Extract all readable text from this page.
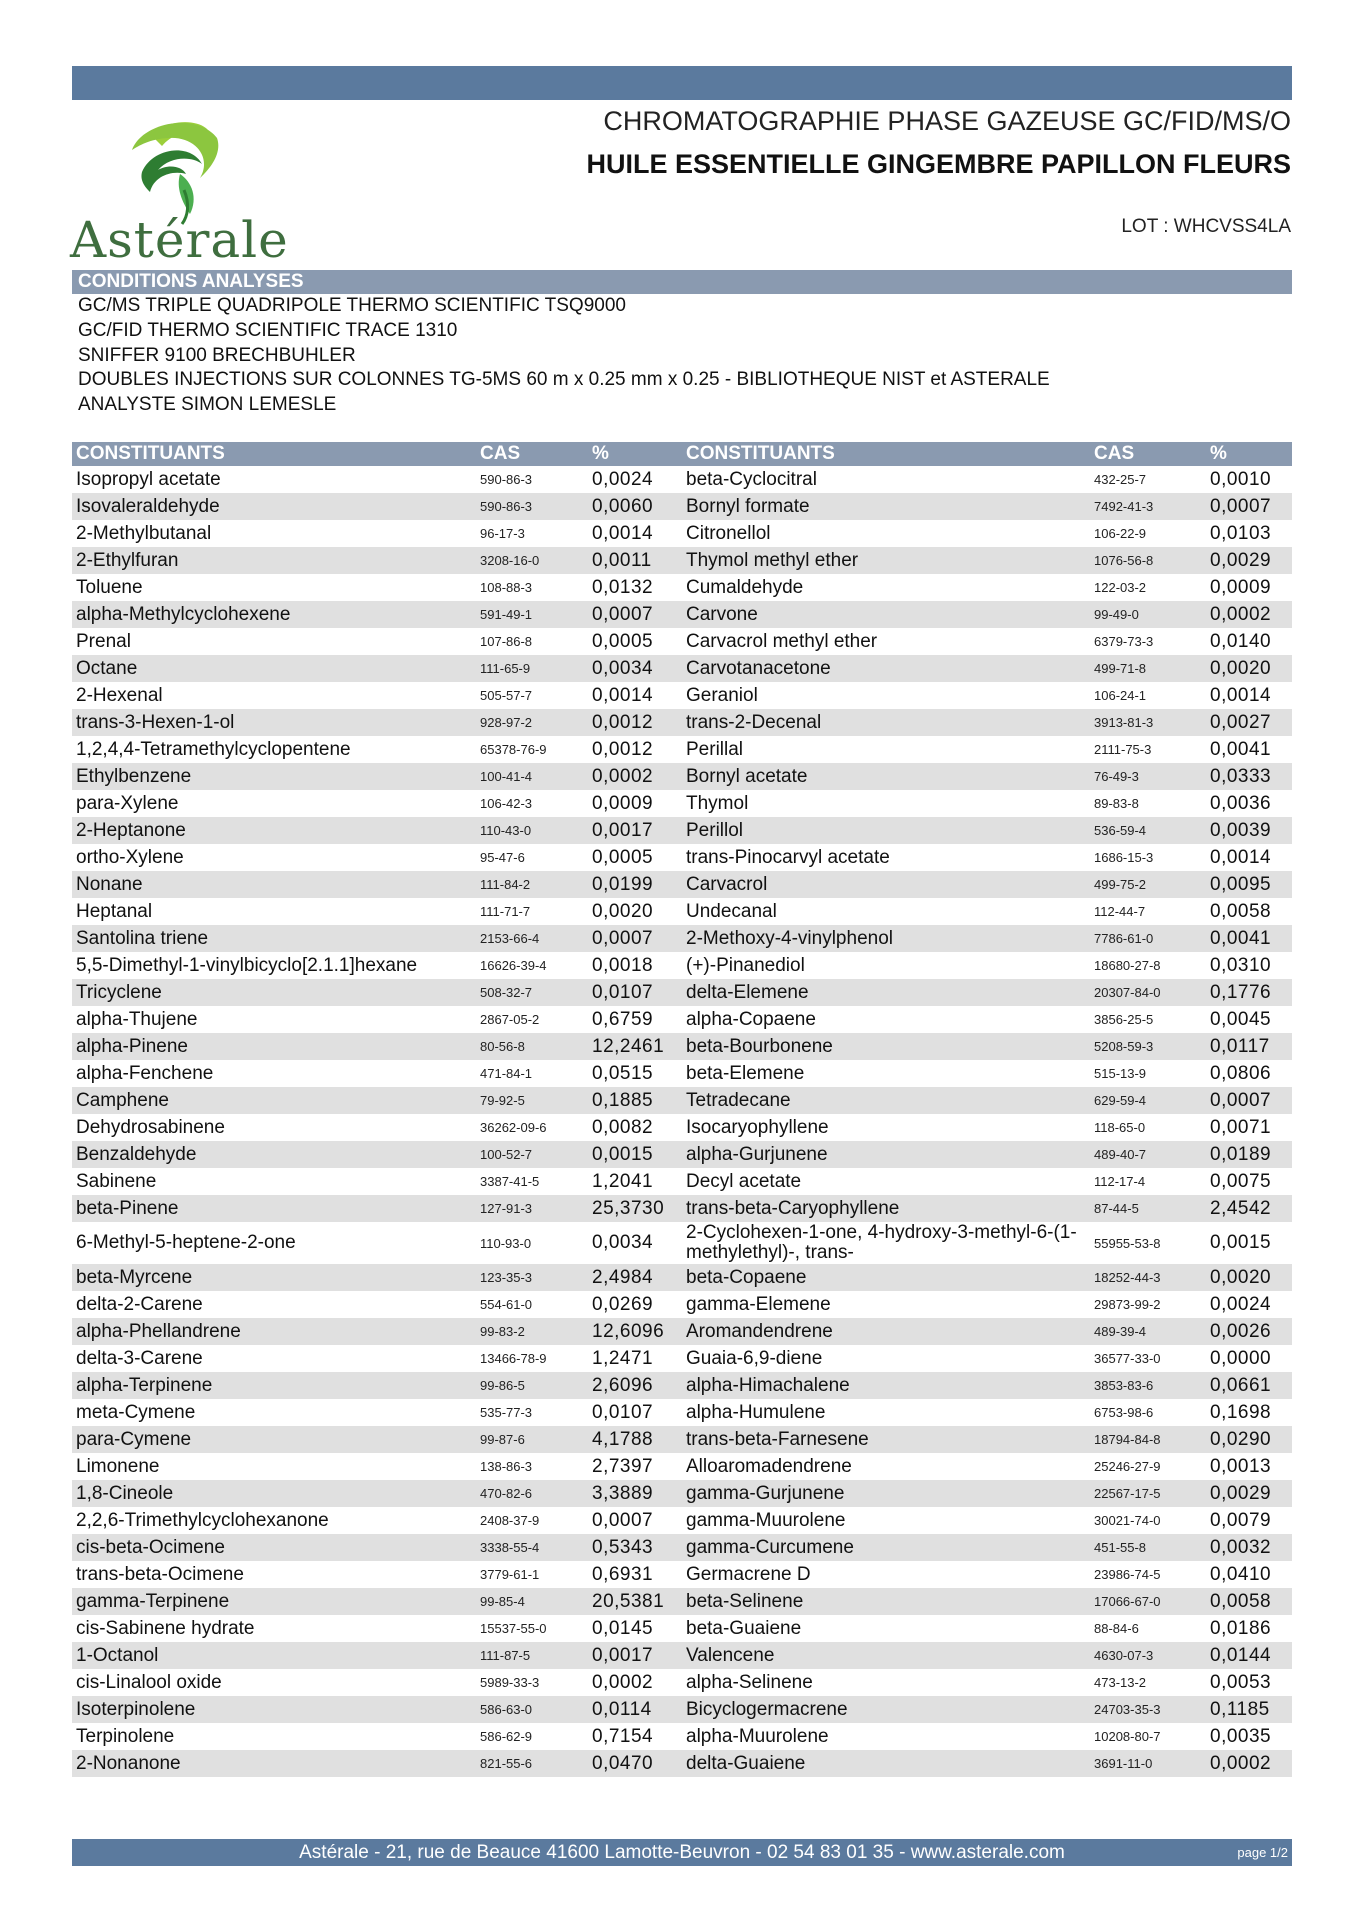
Astérale
CHROMATOGRAPHIE PHASE GAZEUSE GC/FID/MS/O
HUILE ESSENTIELLE GINGEMBRE PAPILLON FLEURS
LOT : WHCVSS4LA
CONDITIONS ANALYSES
GC/MS TRIPLE QUADRIPOLE THERMO SCIENTIFIC TSQ9000
GC/FID THERMO SCIENTIFIC TRACE 1310
SNIFFER 9100 BRECHBUHLER
DOUBLES INJECTIONS SUR COLONNES TG-5MS 60 m x 0.25 mm x 0.25 - BIBLIOTHEQUE NIST et ASTERALE
ANALYSTE SIMON LEMESLE
CONSTITUANTS	CAS	%	CONSTITUANTS	CAS	%
Isopropyl acetate	590-86-3	0,0024 beta-Cyclocitral	432-25-7	0,0010
Isovaleraldehyde	590-86-3	0,0060 Bornyl formate	7492-41-3	0,0007
2-Methylbutanal	96-17-3	0,0014 Citronellol	106-22-9	0,0103
2-Ethylfuran	3208-16-0	0,0011 Thymol methyl ether	1076-56-8	0,0029
Toluene	108-88-3	0,0132 Cumaldehyde	122-03-2	0,0009
alpha-Methylcyclohexene	591-49-1	0,0007 Carvone	99-49-0	0,0002
Prenal	107-86-8	0,0005 Carvacrol methyl ether	6379-73-3	0,0140
Octane	111-65-9	0,0034 Carvotanacetone	499-71-8	0,0020
2-Hexenal	505-57-7	0,0014 Geraniol	106-24-1	0,0014
trans-3-Hexen-1-ol	928-97-2	0,0012 trans-2-Decenal	3913-81-3	0,0027
1,2,4,4-Tetramethylcyclopentene	65378-76-9 0,0012 Perillal	2111-75-3	0,0041
Ethylbenzene	100-41-4	0,0002 Bornyl acetate	76-49-3	0,0333
para-Xylene	106-42-3	0,0009 Thymol	89-83-8	0,0036
2-Heptanone	110-43-0	0,0017 Perillol	536-59-4	0,0039
ortho-Xylene	95-47-6	0,0005 trans-Pinocarvyl acetate	1686-15-3	0,0014
Nonane	111-84-2	0,0199 Carvacrol	499-75-2	0,0095
Heptanal	111-71-7	0,0020 Undecanal	112-44-7	0,0058
Santolina triene	2153-66-4	0,0007 2-Methoxy-4-vinylphenol	7786-61-0	0,0041
5,5-Dimethyl-1-vinylbicyclo[2.1.1]hexane	16626-39-4 0,0018 (+)-Pinanediol	18680-27-8	0,0310
Tricyclene	508-32-7	0,0107 delta-Elemene	20307-84-0	0,1776
alpha-Thujene	2867-05-2	0,6759 alpha-Copaene	3856-25-5	0,0045
alpha-Pinene	80-56-8	12,2461 beta-Bourbonene	5208-59-3	0,0117
alpha-Fenchene	471-84-1	0,0515 beta-Elemene	515-13-9	0,0806
Camphene	79-92-5	0,1885 Tetradecane	629-59-4	0,0007
Dehydrosabinene	36262-09-6 0,0082 Isocaryophyllene	118-65-0	0,0071
Benzaldehyde	100-52-7	0,0015 alpha-Gurjunene	489-40-7	0,0189
Sabinene	3387-41-5	1,2041 Decyl acetate	112-17-4	0,0075
beta-Pinene	127-91-3	25,3730 trans-beta-Caryophyllene	87-44-5	2,4542
6-Methyl-5-heptene-2-one	110-93-0	0,0034 2-Cyclohexen-1-one, 4-hydroxy-3-methyl-6-(1-methylethyl)-, trans-	55955-53-8	0,0015
beta-Myrcene	123-35-3	2,4984 beta-Copaene	18252-44-3	0,0020
delta-2-Carene	554-61-0	0,0269 gamma-Elemene	29873-99-2	0,0024
alpha-Phellandrene	99-83-2	12,6096 Aromandendrene	489-39-4	0,0026
delta-3-Carene	13466-78-9 1,2471 Guaia-6,9-diene	36577-33-0	0,0000
alpha-Terpinene	99-86-5	2,6096 alpha-Himachalene	3853-83-6	0,0661
meta-Cymene	535-77-3	0,0107 alpha-Humulene	6753-98-6	0,1698
para-Cymene	99-87-6	4,1788 trans-beta-Farnesene	18794-84-8	0,0290
Limonene	138-86-3	2,7397 Alloaromadendrene	25246-27-9	0,0013
1,8-Cineole	470-82-6	3,3889 gamma-Gurjunene	22567-17-5	0,0029
2,2,6-Trimethylcyclohexanone	2408-37-9	0,0007 gamma-Muurolene	30021-74-0	0,0079
cis-beta-Ocimene	3338-55-4	0,5343 gamma-Curcumene	451-55-8	0,0032
trans-beta-Ocimene	3779-61-1	0,6931 Germacrene D	23986-74-5	0,0410
gamma-Terpinene	99-85-4	20,5381 beta-Selinene	17066-67-0	0,0058
cis-Sabinene hydrate	15537-55-0 0,0145 beta-Guaiene	88-84-6	0,0186
1-Octanol	111-87-5	0,0017 Valencene	4630-07-3	0,0144
cis-Linalool oxide	5989-33-3	0,0002 alpha-Selinene	473-13-2	0,0053
Isoterpinolene	586-63-0	0,0114 Bicyclogermacrene	24703-35-3	0,1185
Terpinolene	586-62-9	0,7154 alpha-Muurolene	10208-80-7	0,0035
2-Nonanone	821-55-6	0,0470 delta-Guaiene	3691-11-0	0,0002
Astérale - 21, rue de Beauce 41600 Lamotte-Beuvron - 02 54 83 01 35 - www.asterale.com	page 1/2
